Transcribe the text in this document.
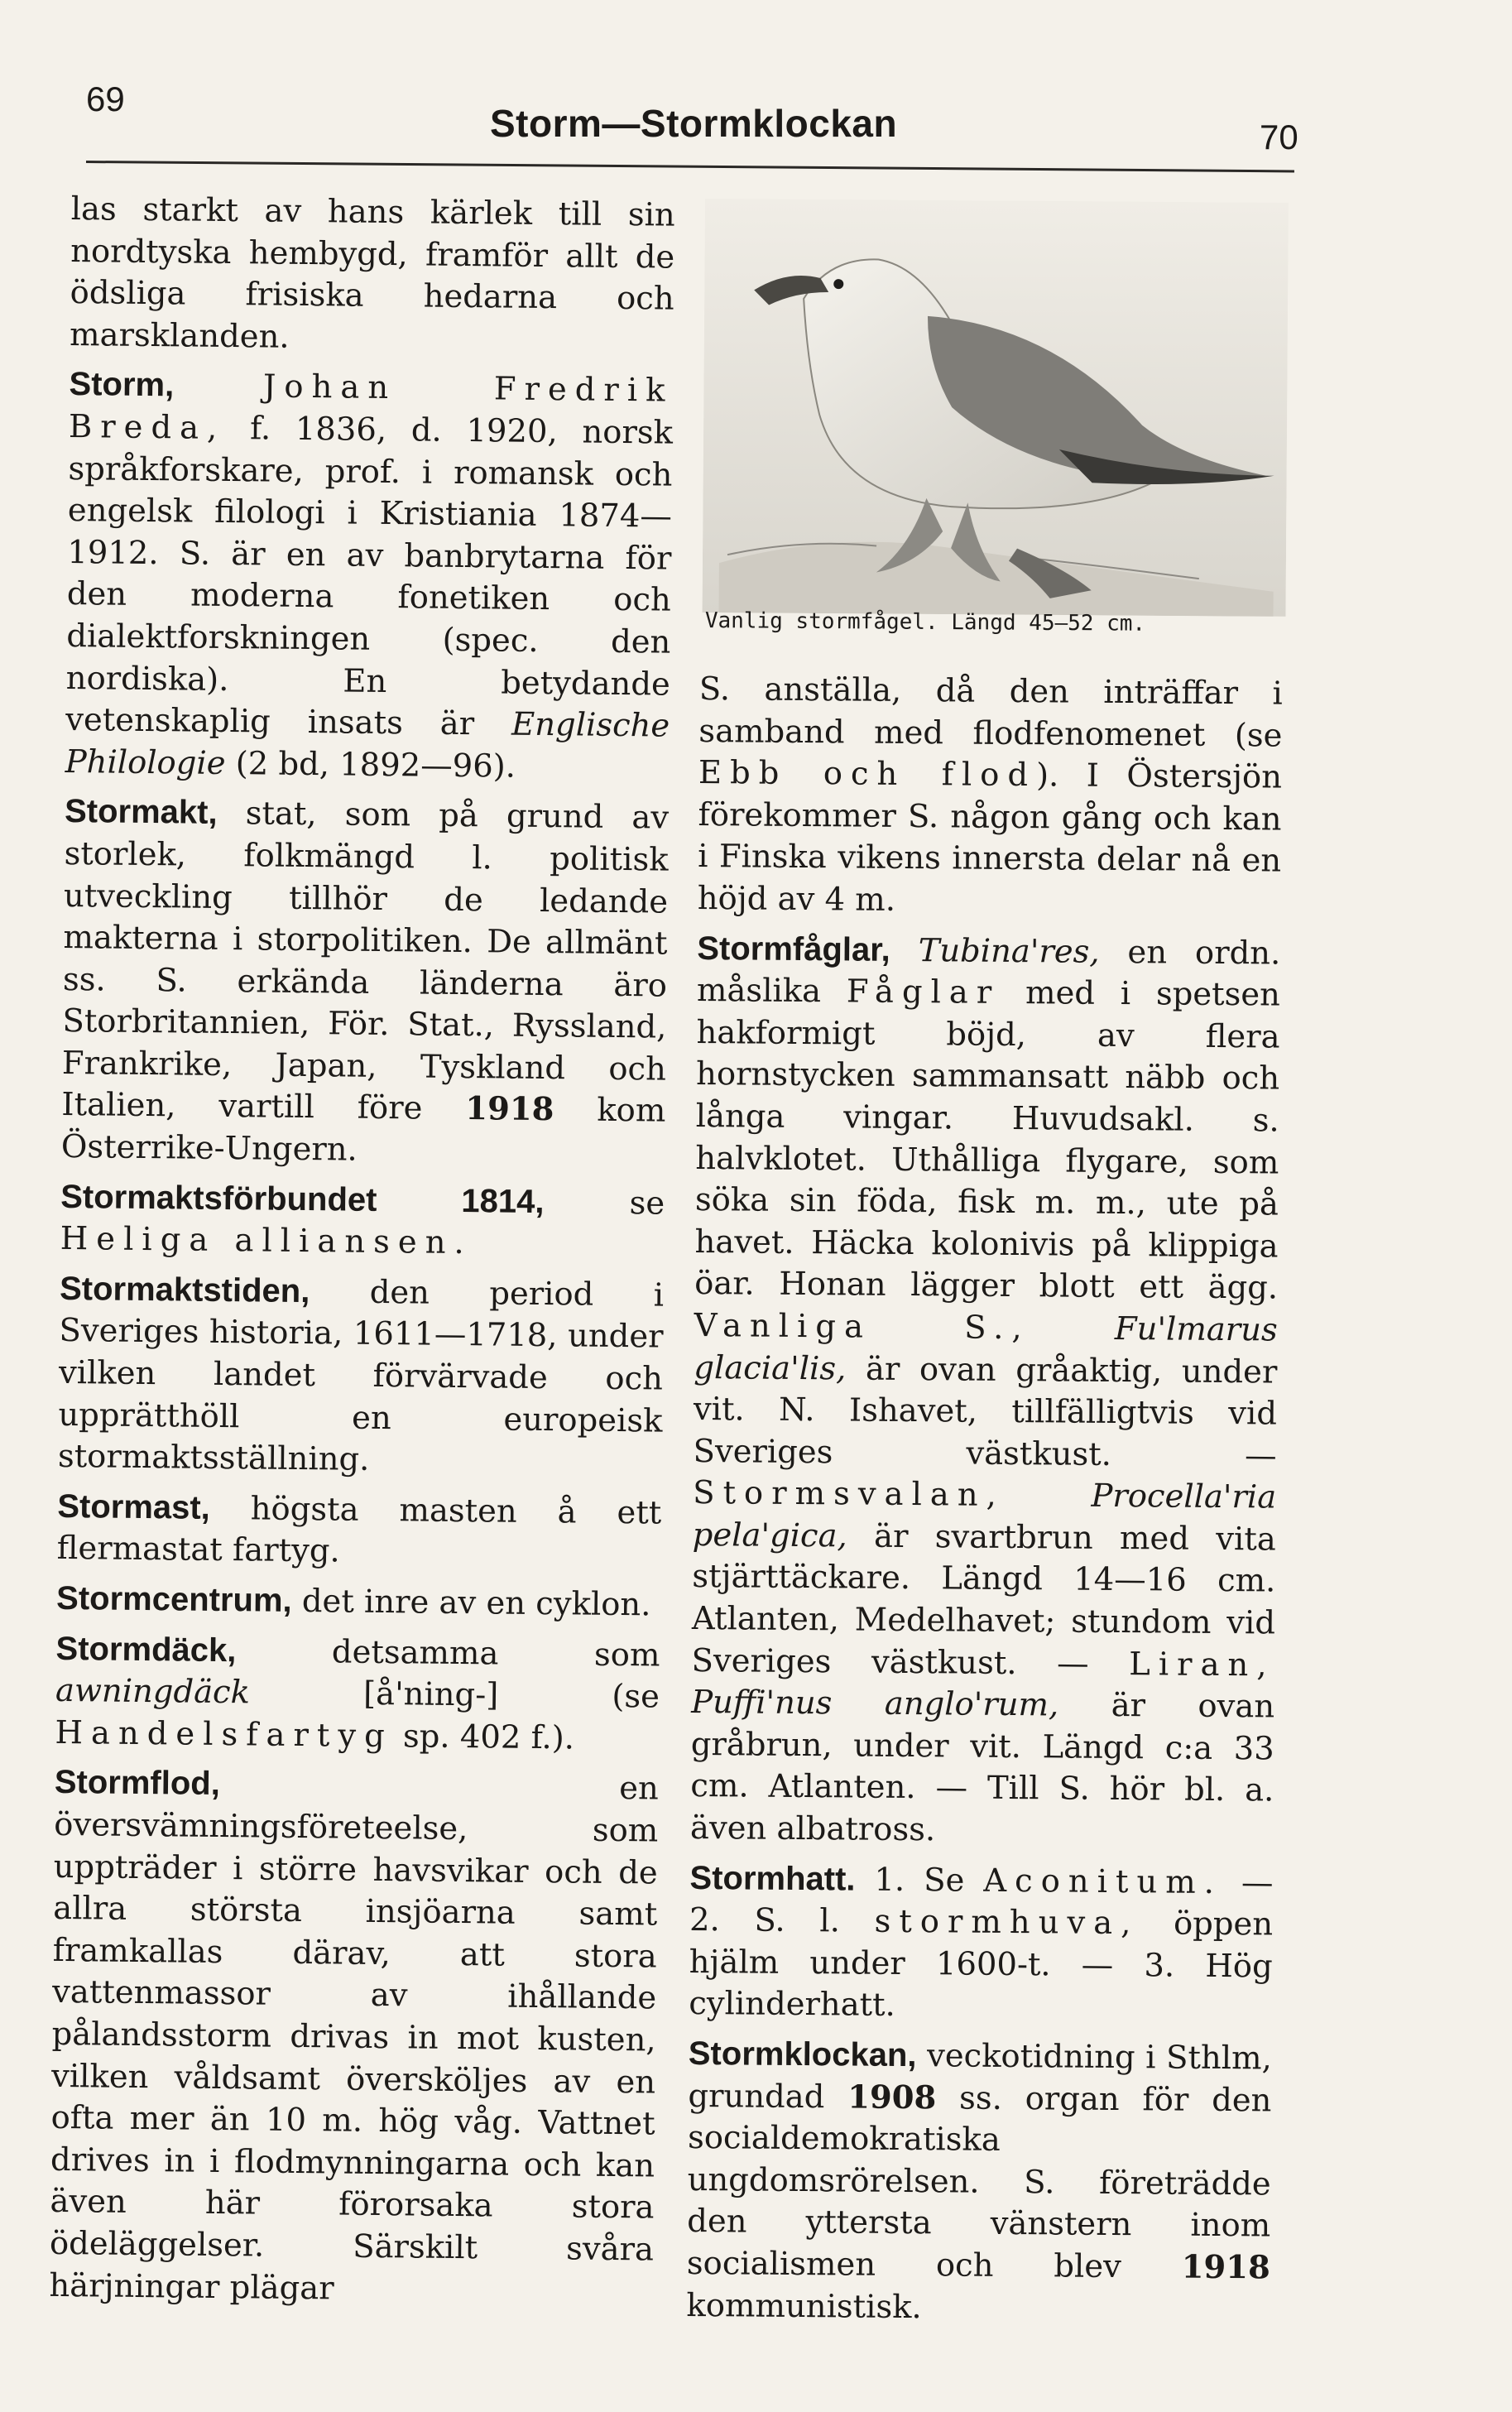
69
Storm—Stormklockan	70

las starkt av hans kärlek till sin nordtyska hembygd, framför allt de ödsliga frisiska hedarna och marsklanden.

Storm,	Johan Fredrik Breda, f. 1836, d. 1920, norsk språkforskare, prof. i romansk och engelsk filologi i Kristiania 1874—1912. S. är en av banbrytarna för den moderna fonetiken och dialektforskningen (spec. den nordiska). En betydande vetenskaplig insats är Englische Philologie (2 bd, 1892—96).

Stormakt, stat, som på grund av storlek, folkmängd l. politisk utveckling tillhör de ledande makterna i storpolitiken. De allmänt ss. S. erkända länderna äro Storbritannien, För. Stat., Ryssland, Frankrike, Japan, Tyskland och Italien, vartill före 1918 kom Österrike-Ungern.

Stormaktsförbundet 1814,	se Heliga alliansen.

Stormaktstiden, den period i Sveriges historia, 1611—1718, under vilken landet förvärvade och upprätthöll en europeisk stormaktsställning.

Stormast, högsta masten å ett flermastat fartyg.

Stormcentrum, det inre av en cyklon.

Stormdäck,	detsamma som awningdäck	[å'ning-] (se Handelsfartyg sp. 402 f.).

Stormflod,	en översvämningsföreteelse, som uppträder i större havsvikar och de allra största insjöarna samt framkallas därav, att stora vattenmassor av ihållande pålandsstorm drivas in mot kusten, vilken våldsamt översköljes av en ofta mer än 10 m. hög våg. Vattnet drives in i flodmynningarna och kan även här förorsaka stora ödeläggelser. Särskilt svåra härjningar plägar

Vanlig stormfågel. Längd 45—52 cm.

S. anställa, då den inträffar i samband med flodfenomenet (se Ebb och flod). I Östersjön förekommer S. någon gång och kan i Finska vikens innersta delar nå en höjd av 4 m.

Stormfåglar, Tubina'res, en ordn. måslika Fåglar med i spetsen hakformigt böjd, av flera hornstycken sammansatt näbb och långa vingar. Huvudsakl. s. halvklotet. Uthålliga flygare, som söka sin föda, fisk m. m., ute på havet. Häcka kolonivis på klippiga öar. Honan lägger blott ett ägg. Vanliga S.,	Fu'lmarus glacia'lis, är ovan gråaktig, under vit. N. Ishavet, tillfälligtvis vid Sveriges västkust. — Stormsvalan,	Procella'ria pela'gica, är svartbrun med vita stjärttäckare. Längd 14—16 cm. Atlanten, Medelhavet; stundom vid Sveriges västkust. — Liran, Puffi'nus anglo'rum, är ovan gråbrun, under vit. Längd c:a 33 cm. Atlanten. — Till S. hör bl. a. även albatross.

Stormhatt. 1. Se Aconitum. — 2. S. l. stormhuva, öppen hjälm under 1600-t. — 3. Hög cylinderhatt.

Stormklockan, veckotidning i Sthlm, grundad 1908 ss. organ för den socialdemokratiska ungdomsrörelsen. S. företrädde den yttersta vänstern inom socialismen och blev 1918 kommunistisk.
